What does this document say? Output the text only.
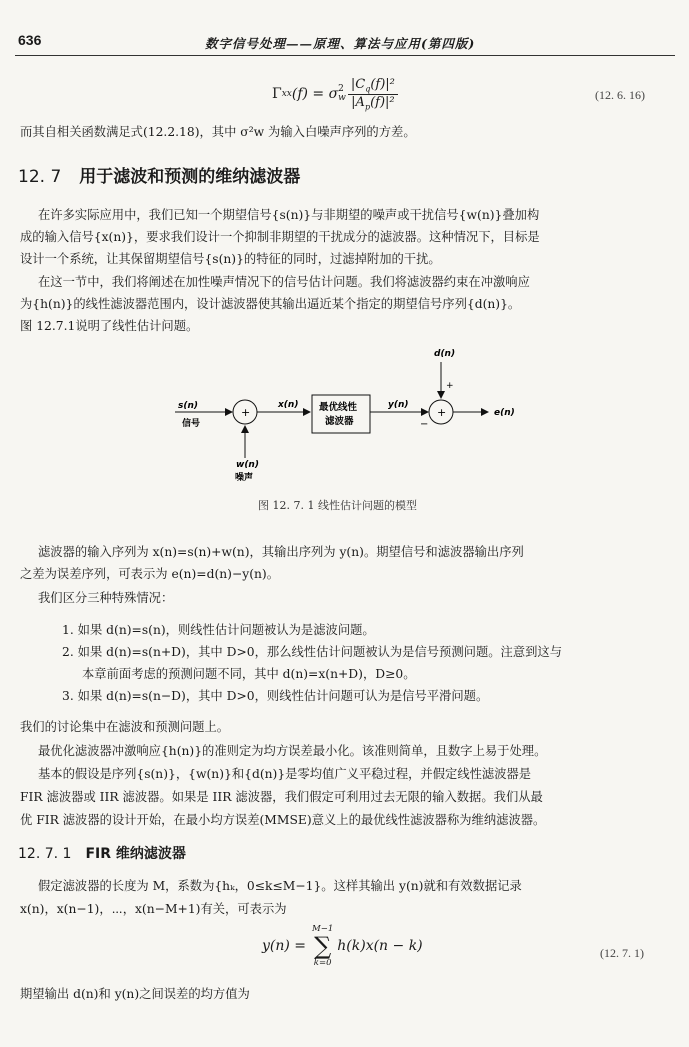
636	数字信号处理——原理、算法与应用(第四版)
Γ xx (f) = σ 2
w $\frac{|C_q(f)|^2}{|A_p(f)|^2}$	(12. 6. 16)
而其自相关函数满足式(12.2.18)，其中 σ²w 为输入白噪声序列的方差。
12. 7 用于滤波和预测的维纳滤波器
在许多实际应用中，我们已知一个期望信号{s(n)}与非期望的噪声或干扰信号{w(n)}叠加构
成的输入信号{x(n)}，要求我们设计一个抑制非期望的干扰成分的滤波器。这种情况下，目标是
设计一个系统，让其保留期望信号{s(n)}的特征的同时，过滤掉附加的干扰。
在这一节中，我们将阐述在加性噪声情况下的信号估计问题。我们将滤波器约束在冲激响应
为{h(n)}的线性滤波器范围内，设计滤波器使其输出逼近某个指定的期望信号序列{d(n)}。
图 12.7.1说明了线性估计问题。
s(n)
信号
+
w(n)
噪声
x(n) 最优线性
滤波器
y(n)
−
+
d(n)
+
e(n)
图 12. 7. 1 线性估计问题的模型
滤波器的输入序列为 x(n)=s(n)+w(n)，其输出序列为 y(n)。期望信号和滤波器输出序列
之差为误差序列，可表示为 e(n)=d(n)−y(n)。
我们区分三种特殊情况：
1. 如果 d(n)=s(n)，则线性估计问题被认为是滤波问题。
2. 如果 d(n)=s(n+D)，其中 D>0，那么线性估计问题被认为是信号预测问题。注意到这与
本章前面考虑的预测问题不同，其中 d(n)=x(n+D)，D≥0。
3. 如果 d(n)=s(n−D)，其中 D>0，则线性估计问题可认为是信号平滑问题。
我们的讨论集中在滤波和预测问题上。
最优化滤波器冲激响应{h(n)}的准则定为均方误差最小化。该准则简单，且数字上易于处理。
基本的假设是序列{s(n)}，{w(n)}和{d(n)}是零均值广义平稳过程，并假定线性滤波器是
FIR 滤波器或 IIR 滤波器。如果是 IIR 滤波器，我们假定可利用过去无限的输入数据。我们从最
优 FIR 滤波器的设计开始，在最小均方误差(MMSE)意义上的最优线性滤波器称为维纳滤波器。
12. 7. 1 FIR 维纳滤波器
假定滤波器的长度为 M，系数为{hₖ，0≤k≤M−1}。这样其输出 y(n)就和有效数据记录
x(n)，x(n−1)，⋯，x(n−M+1)有关，可表示为
y(n) =
M−1
∑
k=0
h(k)x(n − k)	(12. 7. 1)
期望输出 d(n)和 y(n)之间误差的均方值为
